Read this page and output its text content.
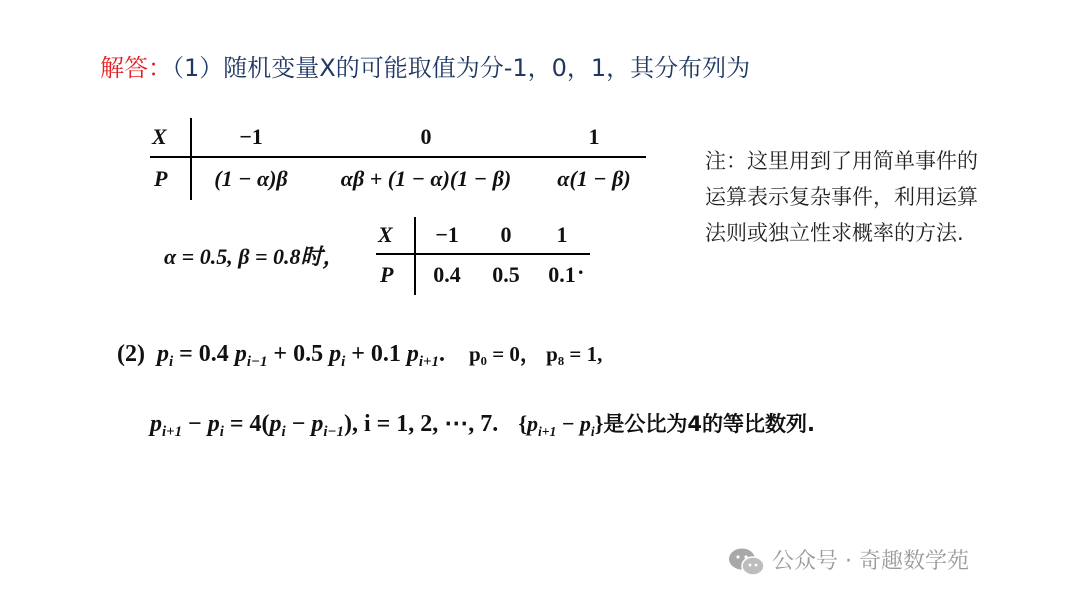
解答：（1）随机变量X的可能取值为分-1，0，1，其分布列为
X	−1	0	1
P	(1 − α)β	αβ + (1 − α)(1 − β)	α(1 − β)
α = 0.5, β = 0.8时，
X	−1	0	1
P	0.4	0.5	0.1 .
注：这里用到了用简单事件的运算表示复杂事件，利用运算法则或独立性求概率的方法.
(2) $p_i = 0.4$ $p_{i-1} + 0.5$ $p_i + 0.1$ $p_{i+1}$. p₀ = 0， p₈ = 1,
$p_{i+1} - p_i = 4(p_i - p_{i-1})$, i = 1, 2, ⋯, 7. $\{p_{i+1} - p_i\}$是公比为4的等比数列.
公众号 · 奇趣数学苑
